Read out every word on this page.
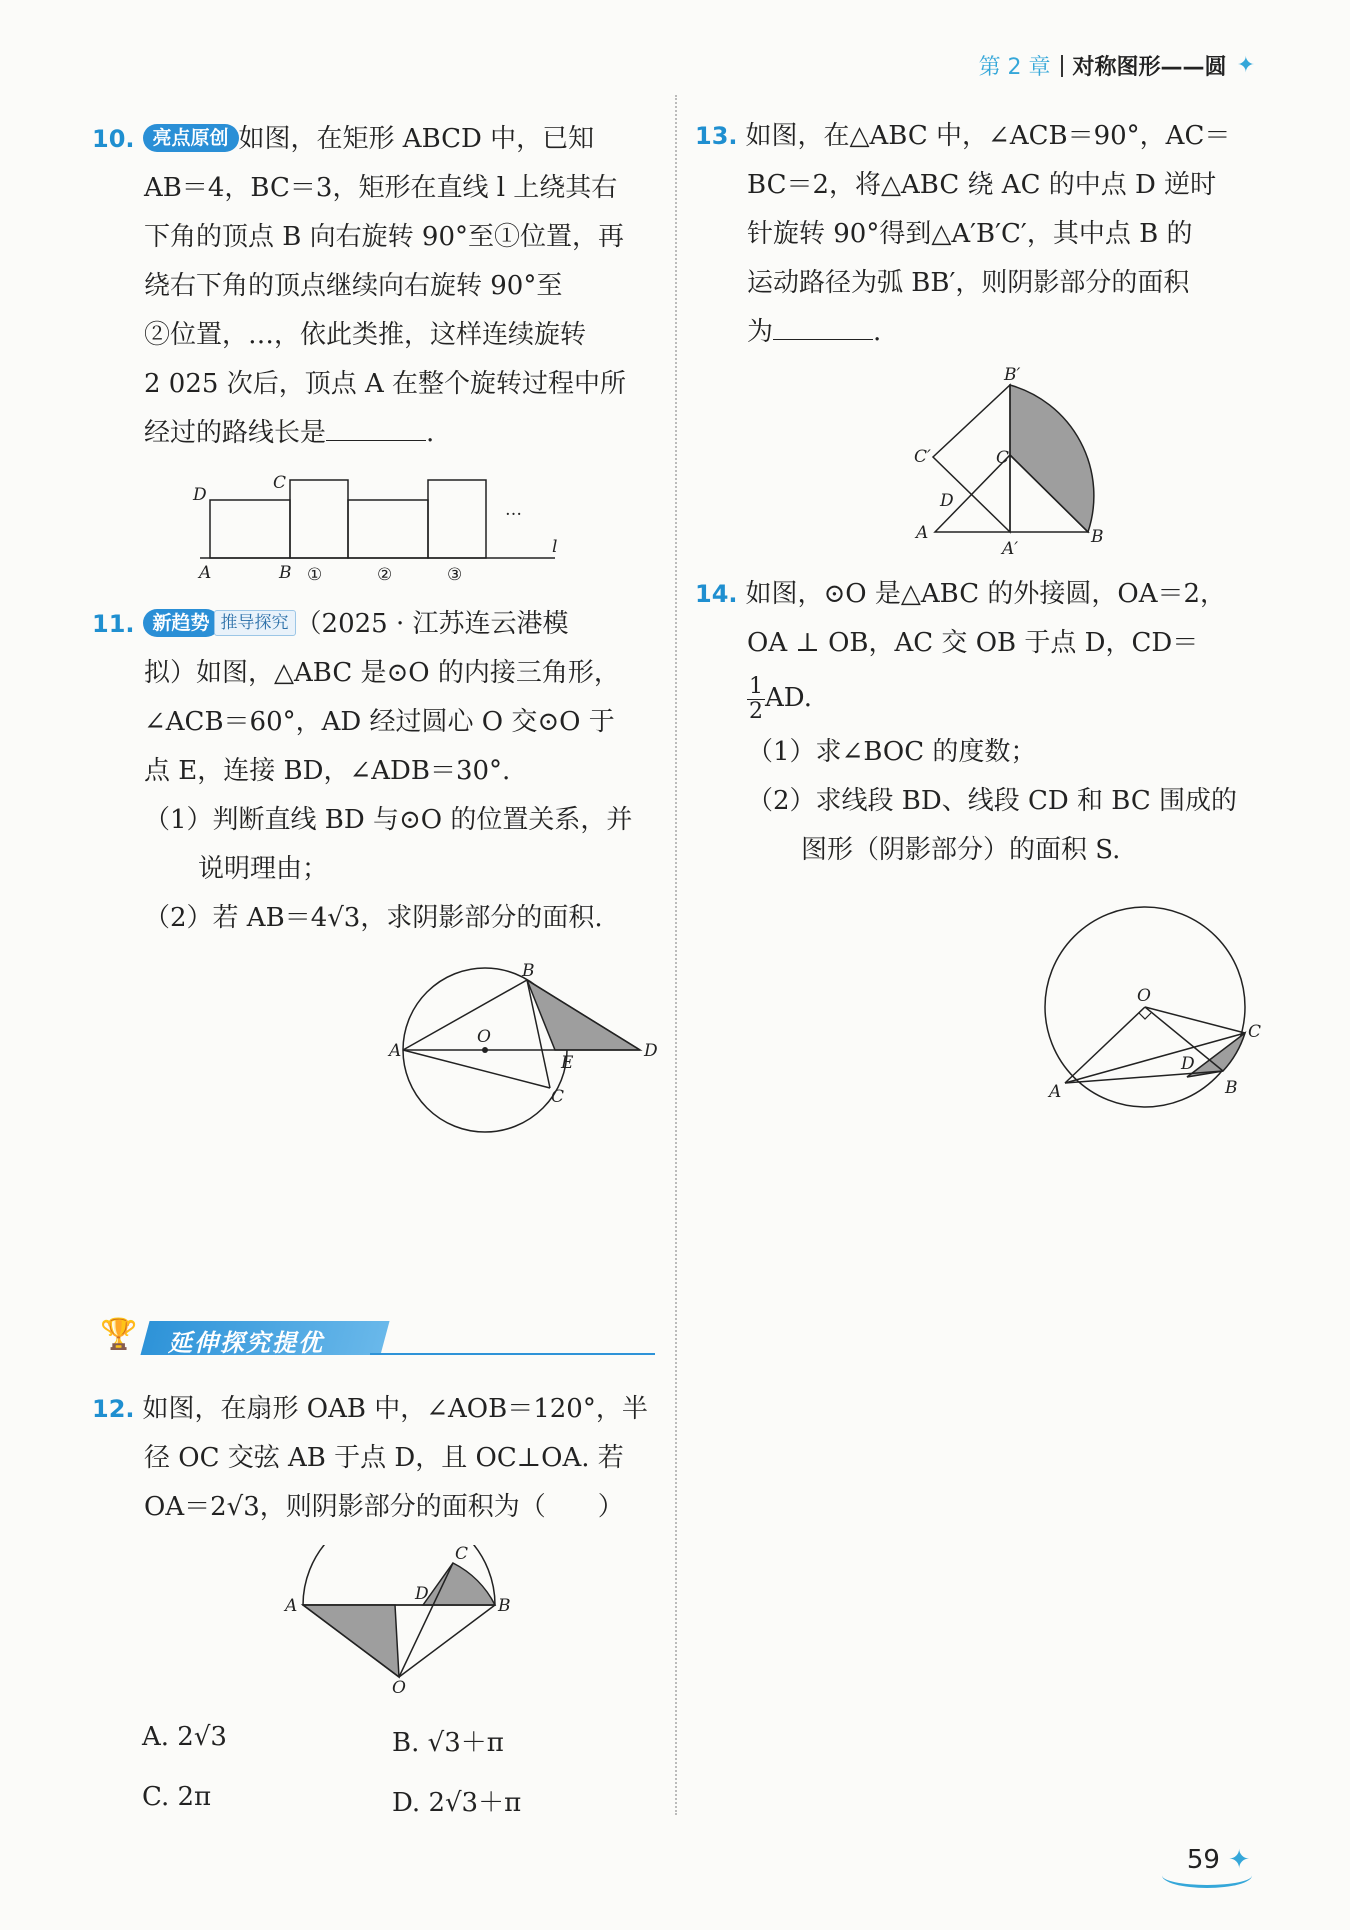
第 2 章 对称图形——圆 ✦
10. 亮点原创 如图，在矩形 ABCD 中，已知
AB＝4，BC＝3，矩形在直线 l 上绕其右
下角的顶点 B 向右旋转 90°至①位置，再
绕右下角的顶点继续向右旋转 90°至
②位置，…，依此类推，这样连续旋转
2 025 次后，顶点 A 在整个旋转过程中所
经过的路线长是	.
D
C
A	B
l
①	②	③
…
11. 新趋势 推导探究 （2025 · 江苏连云港模
拟）如图，△ABC 是⊙O 的内接三角形，
∠ACB＝60°，AD 经过圆心 O 交⊙O 于
点 E，连接 BD，∠ADB＝30°.
（1）判断直线 BD 与⊙O 的位置关系，并
说明理由；
（2）若 AB＝4√3，求阴影部分的面积.
A
B
C
D
E
O
🏆 延伸探究提优
12. 如图，在扇形 OAB 中，∠AOB＝120°，半
径 OC 交弦 AB 于点 D，且 OC⊥OA. 若
OA＝2√3，则阴影部分的面积为（　　）
A	B
C
D
O
A. 2√3	B. √3＋π
C. 2π	D. 2√3＋π
13. 如图，在△ABC 中，∠ACB＝90°，AC＝
BC＝2，将△ABC 绕 AC 的中点 D 逆时
针旋转 90°得到△A′B′C′，其中点 B 的
运动路径为弧 BB′，则阴影部分的面积
为	.
B′
C′	C
D
A
A′
B
14. 如图，⊙O 是△ABC 的外接圆，OA＝2，
OA ⊥ OB，AC 交 OB 于点 D，CD＝
$\frac{1}{2}$ AD.
（1）求∠BOC 的度数；
（2）求线段 BD、线段 CD 和 BC 围成的
图形（阴影部分）的面积 S.
O
A	B
C
D
59 ✦
